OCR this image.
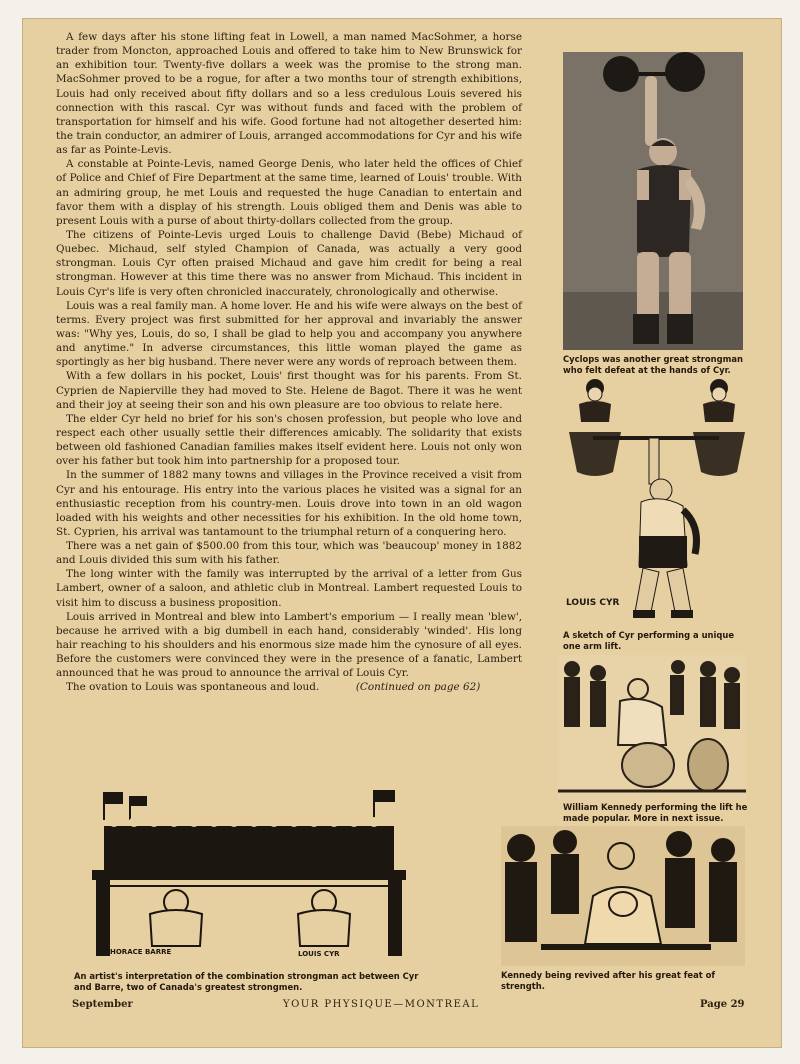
A few days after his stone lifting feat in Lowell, a man named MacSohmer, a horse trader from Moncton, approached Louis and offered to take him to New Brunswick for an exhibition tour. Twenty-five dollars a week was the promise to the strong man. MacSohmer proved to be a rogue, for after a two months tour of strength exhibitions, Louis had only received about fifty dollars and so a less credulous Louis severed his connection with this rascal. Cyr was without funds and faced with the problem of transportation for himself and his wife. Good fortune had not altogether deserted him: the train conductor, an admirer of Louis, arranged accommodations for Cyr and his wife as far as Pointe-Levis.

A constable at Pointe-Levis, named George Denis, who later held the offices of Chief of Police and Chief of Fire Department at the same time, learned of Louis' trouble. With an admiring group, he met Louis and requested the huge Canadian to entertain and favor them with a display of his strength. Louis obliged them and Denis was able to present Louis with a purse of about thirty-dollars collected from the group.

The citizens of Pointe-Levis urged Louis to challenge David (Bebe) Michaud of Quebec. Michaud, self styled Champion of Canada, was actually a very good strongman. Louis Cyr often praised Michaud and gave him credit for being a real strongman. However at this time there was no answer from Michaud. This incident in Louis Cyr's life is very often chronicled inaccurately, chronologically and otherwise.

Louis was a real family man. A home lover. He and his wife were always on the best of terms. Every project was first submitted for her approval and invariably the answer was: "Why yes, Louis, do so, I shall be glad to help you and accompany you anywhere and anytime." In adverse circumstances, this little woman played the game as sportingly as her big husband. There never were any words of reproach between them.

With a few dollars in his pocket, Louis' first thought was for his parents. From St. Cyprien de Napierville they had moved to Ste. Helene de Bagot. There it was he went and their joy at seeing their son and his own pleasure are too obvious to relate here.

The elder Cyr held no brief for his son's chosen profession, but people who love and respect each other usually settle their differences amicably. The solidarity that exists between old fashioned Canadian families makes itself evident here. Louis not only won over his father but took him into partnership for a proposed tour.

In the summer of 1882 many towns and villages in the Province received a visit from Cyr and his entourage. His entry into the various places he visited was a signal for an enthusiastic reception from his country-men. Louis drove into town in an old wagon loaded with his weights and other necessities for his exhibition. In the old home town, St. Cyprien, his arrival was tantamount to the triumphal return of a conquering hero.

There was a net gain of $500.00 from this tour, which was 'beaucoup' money in 1882 and Louis divided this sum with his father.

The long winter with the family was interrupted by the arrival of a letter from Gus Lambert, owner of a saloon, and athletic club in Montreal. Lambert requested Louis to visit him to discuss a business proposition.

Louis arrived in Montreal and blew into Lambert's emporium — I really mean 'blew', because he arrived with a big dumbell in each hand, considerably 'winded'. His long hair reaching to his shoulders and his enormous size made him the cynosure of all eyes. Before the customers were convinced they were in the presence of a fanatic, Lambert announced that he was proud to announce the arrival of Louis Cyr.

The ovation to Louis was spontaneous and loud.	(Continued on page 62)

Cyclops was another great strongman who felt defeat at the hands of Cyr.
LOUIS CYR
A sketch of Cyr performing a unique one arm lift.
William Kennedy performing the lift he made popular. More in next issue.
Kennedy being revived after his great feat of strength.
HORACE BARRE	LOUIS CYR
An artist's interpretation of the combination strongman act between Cyr and Barre, two of Canada's greatest strongmen.
September	YOUR PHYSIQUE—MONTREAL	Page 29
